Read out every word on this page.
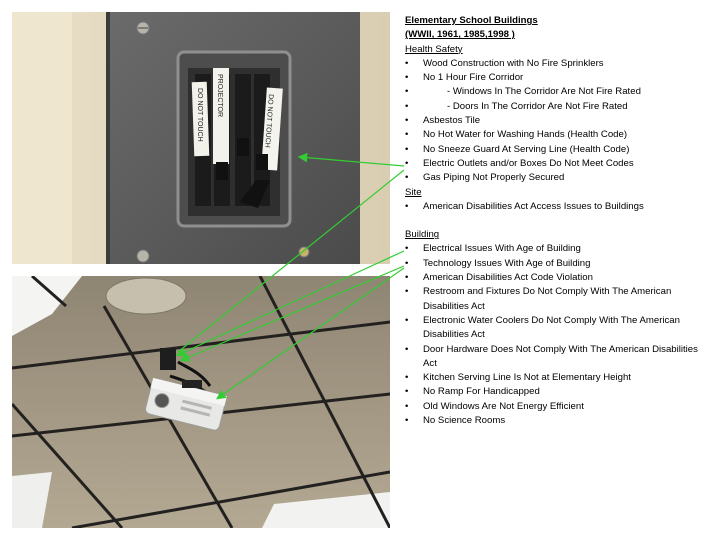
DO NOT TOUCH PROJECTOR	DO NOT TOUCH
Elementary School Buildings
(WWII, 1961, 1985,1998 )
Health Safety
• Wood Construction with No Fire Sprinklers
• No 1 Hour Fire Corridor
•	- Windows In The Corridor Are Not Fire Rated
•	- Doors In The Corridor Are Not Fire Rated
• Asbestos Tile
• No Hot Water for Washing Hands (Health Code)
• No Sneeze Guard At Serving Line (Health Code)
• Electric Outlets and/or Boxes Do Not Meet Codes
• Gas Piping Not Properly Secured
Site
• American Disabilities Act Access Issues to Buildings
Building
• Electrical Issues With Age of Building
• Technology Issues With Age of Building
• American Disabilities Act Code Violation
• Restroom and Fixtures Do Not Comply With The American Disabilities Act
• Electronic Water Coolers Do Not Comply With The American Disabilities Act
• Door Hardware Does Not Comply With The American Disabilities Act
• Kitchen Serving Line Is Not at Elementary Height
• No Ramp For Handicapped
• Old Windows Are Not Energy Efficient
• No Science Rooms
